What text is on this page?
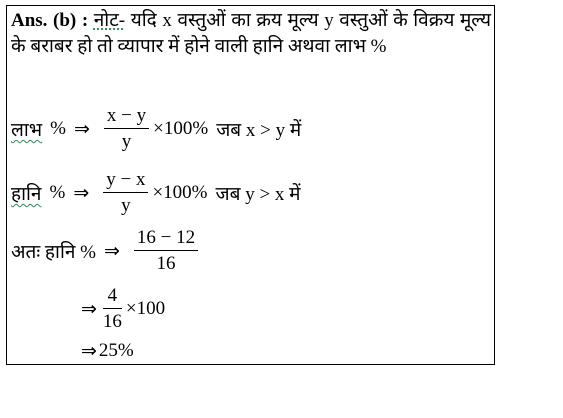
Ans. (b) : नोट- यदि x वस्तुओं का क्रय मूल्य y वस्तुओं के विक्रय मूल्य के बराबर हो तो व्यापार में होने वाली हानि अथवा लाभ %
लाभ % ⇒ $\frac{x - y}{y} \times 100\%$ जब x > y में
हानि % ⇒ $\frac{y - x}{y} \times 100\%$ जब y > x में
अतः हानि % ⇒ $\frac{16 - 12}{16}$
⇒ $\frac{4}{16} \times 100$
⇒ 25%
